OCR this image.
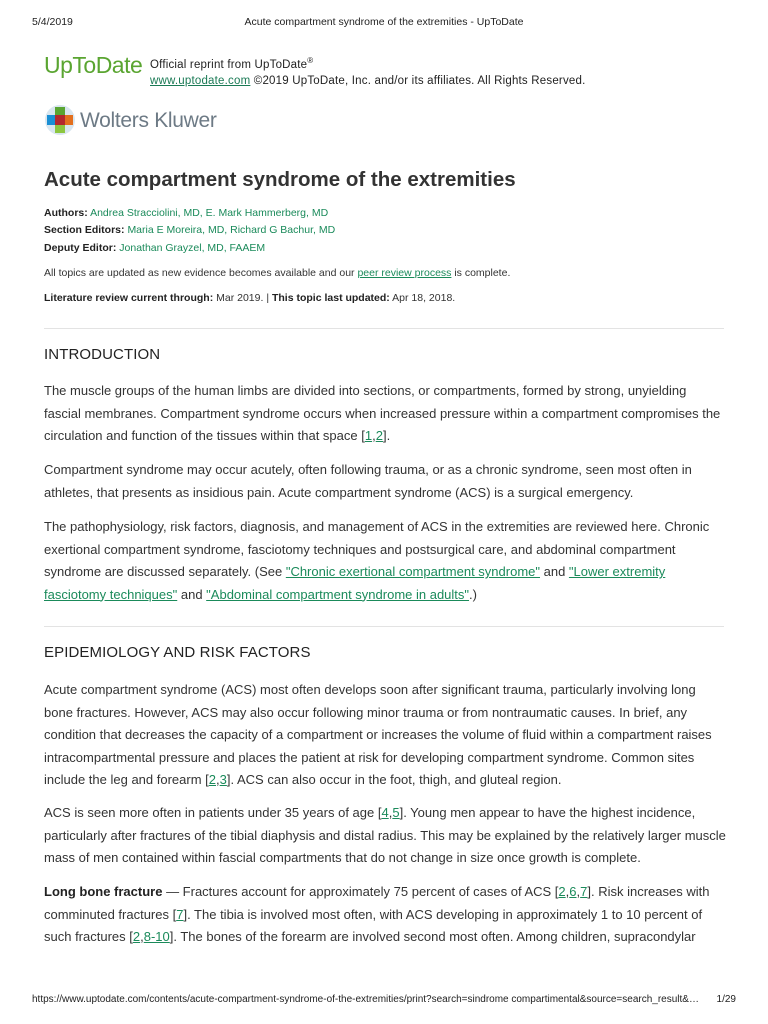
5/4/2019	Acute compartment syndrome of the extremities - UpToDate
UpToDate Official reprint from UpToDate®
www.uptodate.com ©2019 UpToDate, Inc. and/or its affiliates. All Rights Reserved.
Wolters Kluwer
Acute compartment syndrome of the extremities
Authors: Andrea Stracciolini, MD, E. Mark Hammerberg, MD
Section Editors: Maria E Moreira, MD, Richard G Bachur, MD
Deputy Editor: Jonathan Grayzel, MD, FAAEM
All topics are updated as new evidence becomes available and our peer review process is complete.
Literature review current through: Mar 2019. | This topic last updated: Apr 18, 2018.
INTRODUCTION

The muscle groups of the human limbs are divided into sections, or compartments, formed by strong, unyielding fascial membranes. Compartment syndrome occurs when increased pressure within a compartment compromises the circulation and function of the tissues within that space [1,2].

Compartment syndrome may occur acutely, often following trauma, or as a chronic syndrome, seen most often in athletes, that presents as insidious pain. Acute compartment syndrome (ACS) is a surgical emergency.

The pathophysiology, risk factors, diagnosis, and management of ACS in the extremities are reviewed here. Chronic exertional compartment syndrome, fasciotomy techniques and postsurgical care, and abdominal compartment syndrome are discussed separately. (See "Chronic exertional compartment syndrome" and "Lower extremity fasciotomy techniques" and "Abdominal compartment syndrome in adults".)

EPIDEMIOLOGY AND RISK FACTORS

Acute compartment syndrome (ACS) most often develops soon after significant trauma, particularly involving long bone fractures. However, ACS may also occur following minor trauma or from nontraumatic causes. In brief, any condition that decreases the capacity of a compartment or increases the volume of fluid within a compartment raises intracompartmental pressure and places the patient at risk for developing compartment syndrome. Common sites include the leg and forearm [2,3]. ACS can also occur in the foot, thigh, and gluteal region.

ACS is seen more often in patients under 35 years of age [4,5]. Young men appear to have the highest incidence, particularly after fractures of the tibial diaphysis and distal radius. This may be explained by the relatively larger muscle mass of men contained within fascial compartments that do not change in size once growth is complete.

Long bone fracture — Fractures account for approximately 75 percent of cases of ACS [2,6,7]. Risk increases with comminuted fractures [7]. The tibia is involved most often, with ACS developing in approximately 1 to 10 percent of such fractures [2,8-10]. The bones of the forearm are involved second most often. Among children, supracondylar

https://www.uptodate.com/contents/acute-compartment-syndrome-of-the-extremities/print?search=sindrome compartimental&source=search_result&… 1/29
